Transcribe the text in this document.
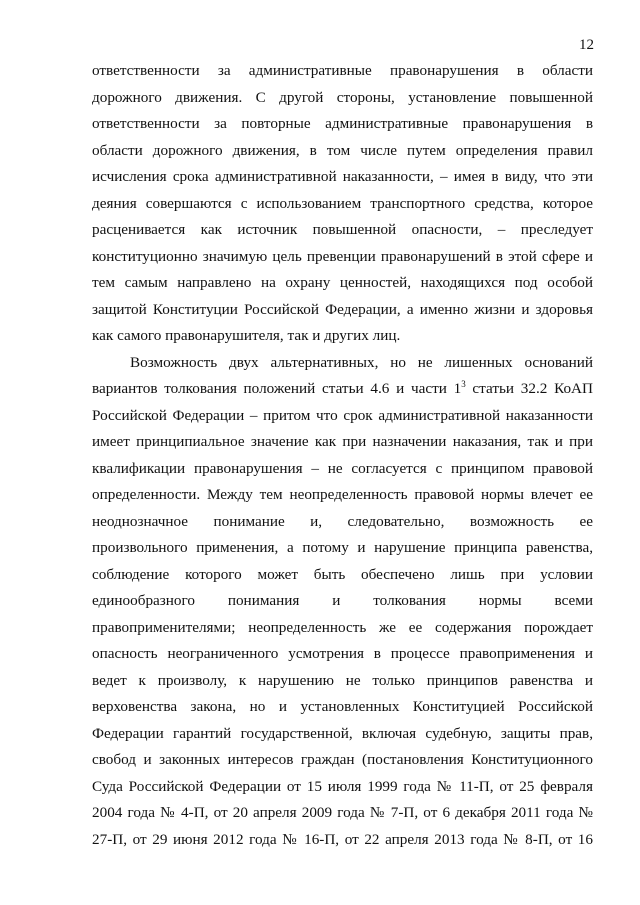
12
ответственности за административные правонарушения в области
дорожного движения. С другой стороны, установление повышенной
ответственности за повторные административные правонарушения в
области дорожного движения, в том числе путем определения правил
исчисления срока административной наказанности, – имея в виду, что эти
деяния совершаются с использованием транспортного средства, которое
расценивается как источник повышенной опасности, – преследует
конституционно значимую цель превенции правонарушений в этой сфере и
тем самым направлено на охрану ценностей, находящихся под особой
защитой Конституции Российской Федерации, а именно жизни и здоровья
как самого правонарушителя, так и других лиц.
Возможность двух альтернативных, но не лишенных оснований
вариантов толкования положений статьи 4.6 и части $1^3$ статьи 32.2 КоАП
Российской Федерации – притом что срок административной наказанности
имеет принципиальное значение как при назначении наказания, так и при
квалификации правонарушения – не согласуется с принципом правовой
определенности. Между тем неопределенность правовой нормы влечет ее
неоднозначное понимание и, следовательно, возможность ее
произвольного применения, а потому и нарушение принципа равенства,
соблюдение которого может быть обеспечено лишь при условии
единообразного понимания и толкования нормы всеми
правоприменителями; неопределенность же ее содержания порождает
опасность неограниченного усмотрения в процессе правоприменения и
ведет к произволу, к нарушению не только принципов равенства и
верховенства закона, но и установленных Конституцией Российской
Федерации гарантий государственной, включая судебную, защиты прав,
свобод и законных интересов граждан (постановления Конституционного
Суда Российской Федерации от 15 июля 1999 года № 11-П, от 25 февраля
2004 года № 4-П, от 20 апреля 2009 года № 7-П, от 6 декабря 2011 года №
27-П, от 29 июня 2012 года № 16-П, от 22 апреля 2013 года № 8-П, от 16
